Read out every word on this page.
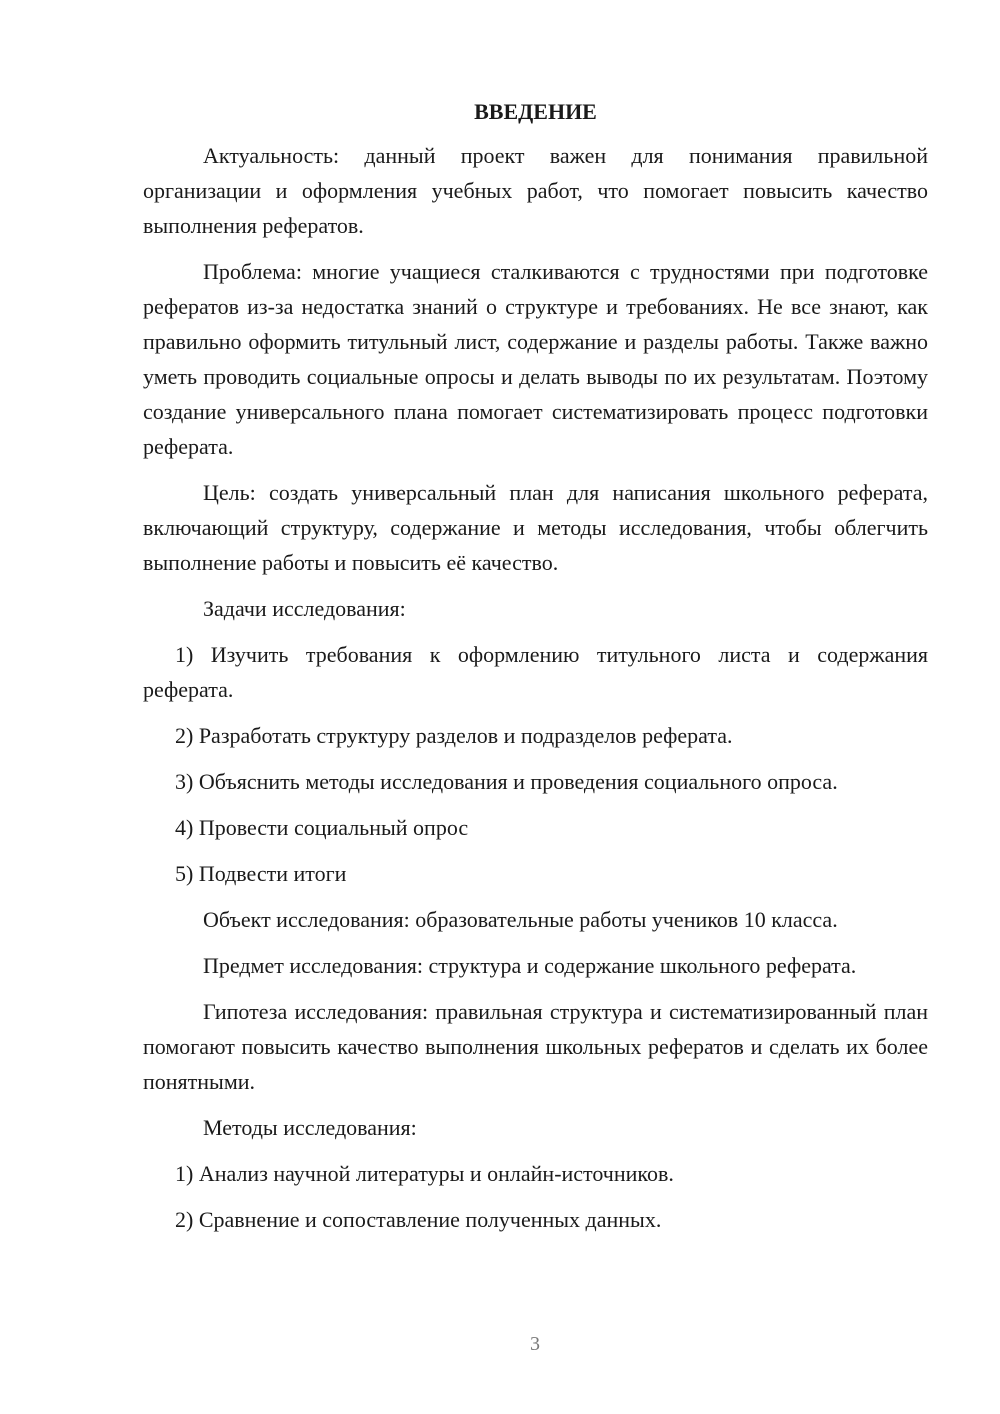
ВВЕДЕНИЕ

Актуальность: данный проект важен для понимания правильной организации и оформления учебных работ, что помогает повысить качество выполнения рефератов.

Проблема: многие учащиеся сталкиваются с трудностями при подготовке рефератов из-за недостатка знаний о структуре и требованиях. Не все знают, как правильно оформить титульный лист, содержание и разделы работы. Также важно уметь проводить социальные опросы и делать выводы по их результатам. Поэтому создание универсального плана помогает систематизировать процесс подготовки реферата.

Цель: создать универсальный план для написания школьного реферата, включающий структуру, содержание и методы исследования, чтобы облегчить выполнение работы и повысить её качество.

Задачи исследования:

1) Изучить требования к оформлению титульного листа и содержания реферата.

2) Разработать структуру разделов и подразделов реферата.

3) Объяснить методы исследования и проведения социального опроса.

4) Провести социальный опрос

5) Подвести итоги

Объект исследования: образовательные работы учеников 10 класса.

Предмет исследования: структура и содержание школьного реферата.

Гипотеза исследования: правильная структура и систематизированный план помогают повысить качество выполнения школьных рефератов и сделать их более понятными.

Методы исследования:

1) Анализ научной литературы и онлайн-источников.

2) Сравнение и сопоставление полученных данных.

3
